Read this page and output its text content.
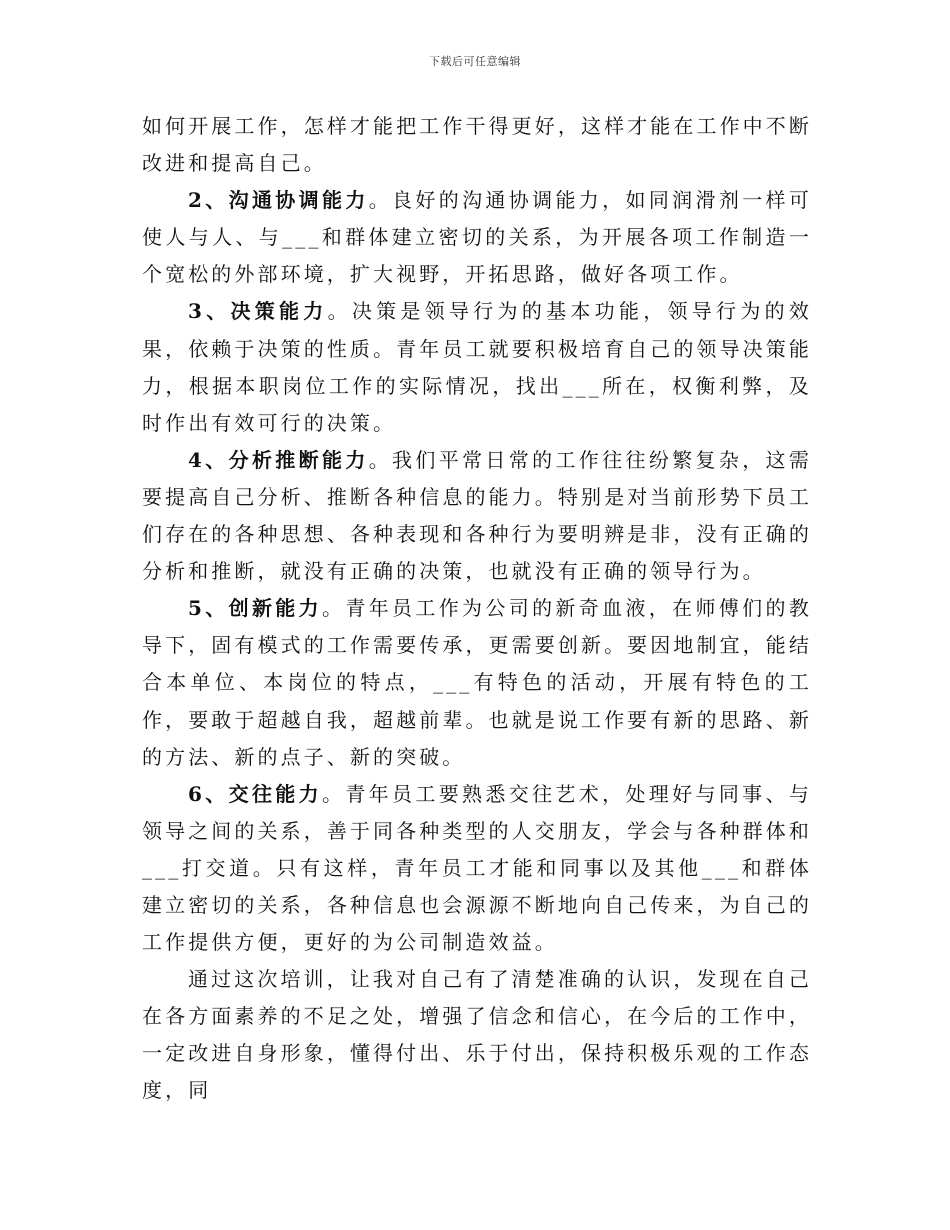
下载后可任意编辑

如何开展工作，怎样才能把工作干得更好，这样才能在工作中不断改进和提高自己。

2、沟通协调能力。良好的沟通协调能力，如同润滑剂一样可使人与人、与___和群体建立密切的关系，为开展各项工作制造一个宽松的外部环境，扩大视野，开拓思路，做好各项工作。

3、决策能力。决策是领导行为的基本功能，领导行为的效果，依赖于决策的性质。青年员工就要积极培育自己的领导决策能力，根据本职岗位工作的实际情况，找出___所在，权衡利弊，及时作出有效可行的决策。

4、分析推断能力。我们平常日常的工作往往纷繁复杂，这需要提高自己分析、推断各种信息的能力。特别是对当前形势下员工们存在的各种思想、各种表现和各种行为要明辨是非，没有正确的分析和推断，就没有正确的决策，也就没有正确的领导行为。

5、创新能力。青年员工作为公司的新奇血液，在师傅们的教导下，固有模式的工作需要传承，更需要创新。要因地制宜，能结合本单位、本岗位的特点，___有特色的活动，开展有特色的工作，要敢于超越自我，超越前辈。也就是说工作要有新的思路、新的方法、新的点子、新的突破。

6、交往能力。青年员工要熟悉交往艺术，处理好与同事、与领导之间的关系，善于同各种类型的人交朋友，学会与各种群体和___打交道。只有这样，青年员工才能和同事以及其他___和群体建立密切的关系，各种信息也会源源不断地向自己传来，为自己的工作提供方便，更好的为公司制造效益。

通过这次培训，让我对自己有了清楚准确的认识，发现在自己在各方面素养的不足之处，增强了信念和信心，在今后的工作中，一定改进自身形象，懂得付出、乐于付出，保持积极乐观的工作态度，同
